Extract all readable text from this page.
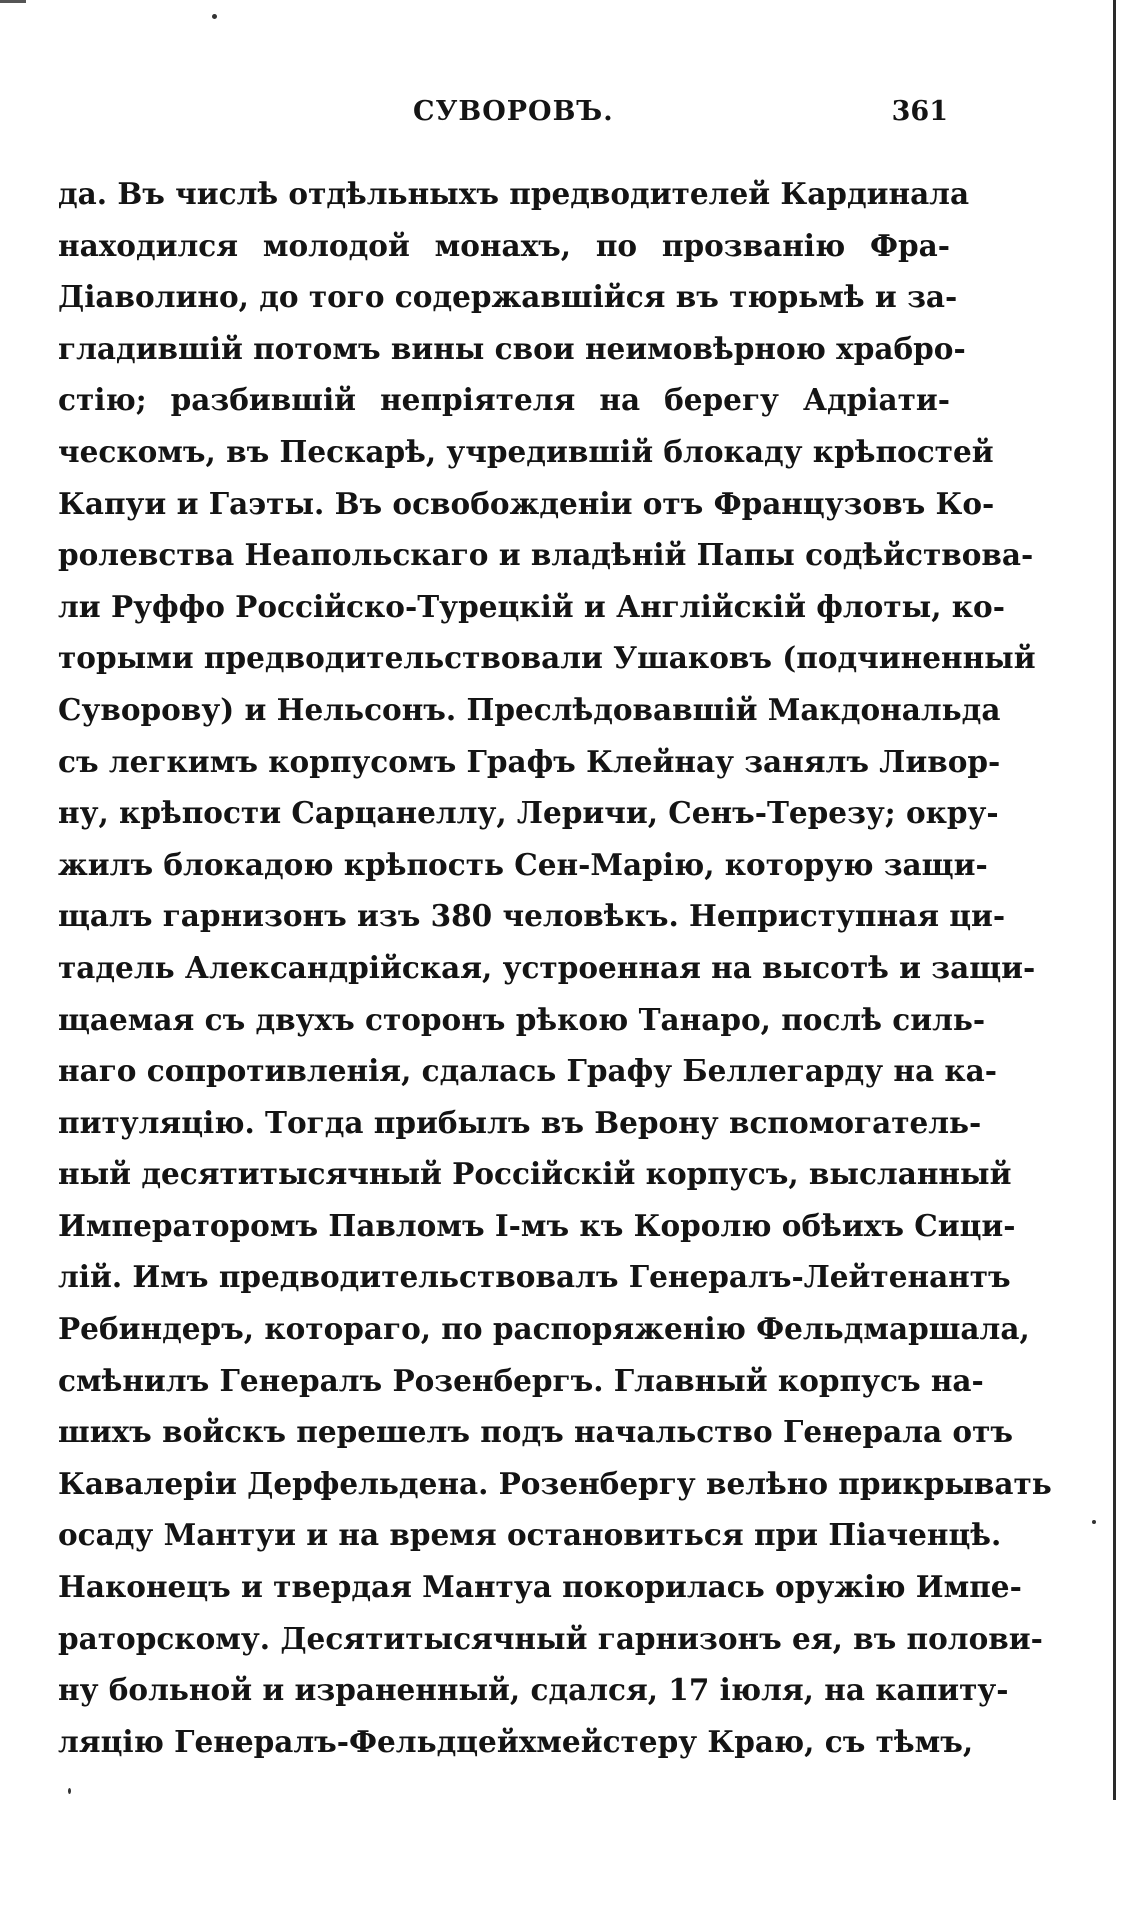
СУВОРОВЪ.	361
да. Въ числѣ отдѣльныхъ предводителей Кардинала
находился молодой монахъ, по прозванію Фра-
Діаволино, до того содержавшійся въ тюрьмѣ и за-
гладившій потомъ вины свои неимовѣрною храбро-
стію; разбившій непріятеля на берегу Адріати-
ческомъ, въ Пескарѣ, учредившій блокаду крѣпостей
Капуи и Гаэты. Въ освобожденіи отъ Французовъ Ко-
ролевства Неапольскаго и владѣній Папы содѣйствова-
ли Руффо Россійско-Турецкій и Англійскій флоты, ко-
торыми предводительствовали Ушаковъ (подчиненный
Суворову) и Нельсонъ. Преслѣдовавшій Макдональда
съ легкимъ корпусомъ Графъ Клейнау занялъ Ливор-
ну, крѣпости Сарцанеллу, Леричи, Сенъ-Терезу; окру-
жилъ блокадою крѣпость Сен-Марію, которую защи-
щалъ гарнизонъ изъ 380 человѣкъ. Неприступная ци-
тадель Александрійская, устроенная на высотѣ и защи-
щаемая съ двухъ сторонъ рѣкою Танаро, послѣ силь-
наго сопротивленія, сдалась Графу Беллегарду на ка-
питуляцію. Тогда прибылъ въ Верону вспомогатель-
ный десятитысячный Россійскій корпусъ, высланный
Императоромъ Павломъ I-мъ къ Королю обѣихъ Сици-
лій. Имъ предводительствовалъ Генералъ-Лейтенантъ
Ребиндеръ, котораго, по распоряженію Фельдмаршала,
смѣнилъ Генералъ Розенбергъ. Главный корпусъ на-
шихъ войскъ перешелъ подъ начальство Генерала отъ
Кавалеріи Дерфельдена. Розенбергу велѣно прикрывать
осаду Мантуи и на время остановиться при Піаченцѣ.
Наконецъ и твердая Мантуа покорилась оружію Импе-
раторскому. Десятитысячный гарнизонъ ея, въ полови-
ну больной и израненный, сдался, 17 іюля, на капиту-
ляцію Генералъ-Фельдцейхмейстеру Краю, съ тѣмъ,
